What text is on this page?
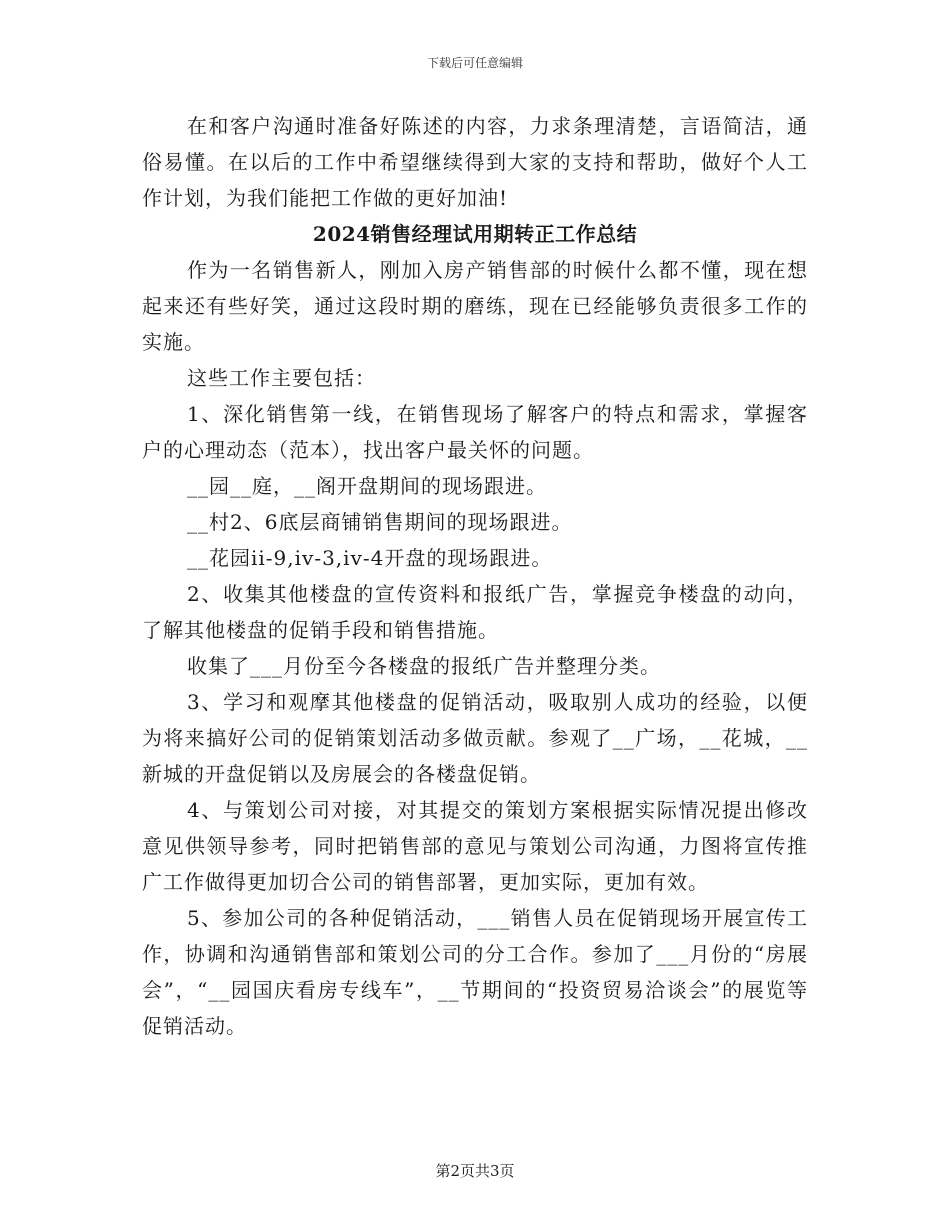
下载后可任意编辑

在和客户沟通时准备好陈述的内容，力求条理清楚，言语简洁，通俗易懂。在以后的工作中希望继续得到大家的支持和帮助，做好个人工作计划，为我们能把工作做的更好加油!

2024销售经理试用期转正工作总结

作为一名销售新人，刚加入房产销售部的时候什么都不懂，现在想起来还有些好笑，通过这段时期的磨练，现在已经能够负责很多工作的实施。

这些工作主要包括：

1、深化销售第一线，在销售现场了解客户的特点和需求，掌握客户的心理动态（范本），找出客户最关怀的问题。

__园__庭，__阁开盘期间的现场跟进。

__村2、6底层商铺销售期间的现场跟进。

__花园ii-9,iv-3,iv-4开盘的现场跟进。

2、收集其他楼盘的宣传资料和报纸广告，掌握竞争楼盘的动向，了解其他楼盘的促销手段和销售措施。

收集了___月份至今各楼盘的报纸广告并整理分类。

3、学习和观摩其他楼盘的促销活动，吸取别人成功的经验，以便为将来搞好公司的促销策划活动多做贡献。参观了__广场，__花城，__新城的开盘促销以及房展会的各楼盘促销。

4、与策划公司对接，对其提交的策划方案根据实际情况提出修改意见供领导参考，同时把销售部的意见与策划公司沟通，力图将宣传推广工作做得更加切合公司的销售部署，更加实际，更加有效。

5、参加公司的各种促销活动，___销售人员在促销现场开展宣传工作，协调和沟通销售部和策划公司的分工合作。参加了___月份的“房展会”，“__园国庆看房专线车”，__节期间的“投资贸易洽谈会”的展览等促销活动。

第2页共3页
